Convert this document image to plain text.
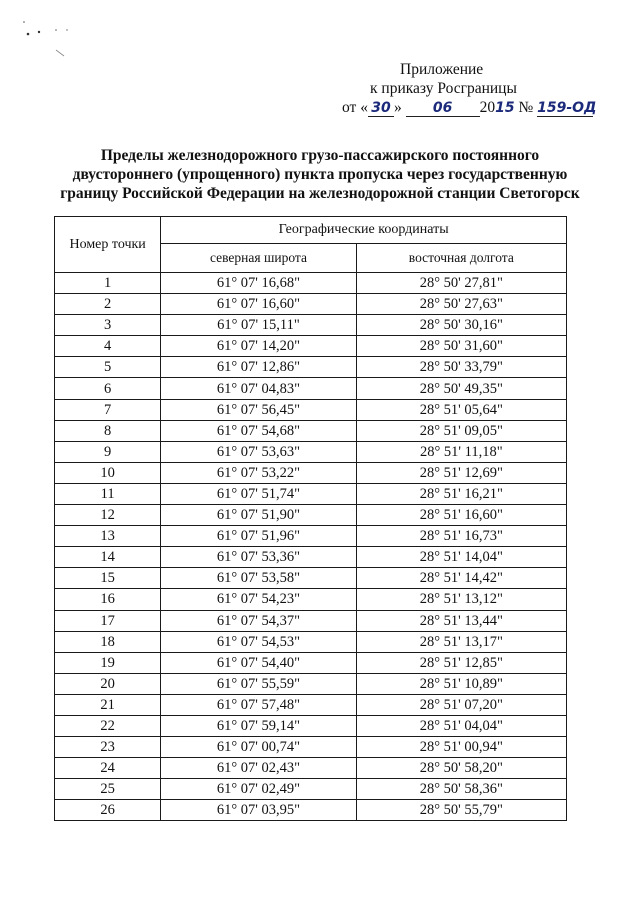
Приложение
к приказу Росграницы
от « 30 » 06 2015 № 159-ОД
Пределы железнодорожного грузо-пассажирского постоянного двустороннего (упрощенного) пункта пропуска через государственную границу Российской Федерации на железнодорожной станции Светогорск
Номер точки	Географические координаты	
	северная широта	восточная долгота
1	61° 07' 16,68"	28° 50' 27,81"
2	61° 07' 16,60"	28° 50' 27,63"
3	61° 07' 15,11"	28° 50' 30,16"
4	61° 07' 14,20"	28° 50' 31,60"
5	61° 07' 12,86"	28° 50' 33,79"
6	61° 07' 04,83"	28° 50' 49,35"
7	61° 07' 56,45"	28° 51' 05,64"
8	61° 07' 54,68"	28° 51' 09,05"
9	61° 07' 53,63"	28° 51' 11,18"
10	61° 07' 53,22"	28° 51' 12,69"
11	61° 07' 51,74"	28° 51' 16,21"
12	61° 07' 51,90"	28° 51' 16,60"
13	61° 07' 51,96"	28° 51' 16,73"
14	61° 07' 53,36"	28° 51' 14,04"
15	61° 07' 53,58"	28° 51' 14,42"
16	61° 07' 54,23"	28° 51' 13,12"
17	61° 07' 54,37"	28° 51' 13,44"
18	61° 07' 54,53"	28° 51' 13,17"
19	61° 07' 54,40"	28° 51' 12,85"
20	61° 07' 55,59"	28° 51' 10,89"
21	61° 07' 57,48"	28° 51' 07,20"
22	61° 07' 59,14"	28° 51' 04,04"
23	61° 07' 00,74"	28° 51' 00,94"
24	61° 07' 02,43"	28° 50' 58,20"
25	61° 07' 02,49"	28° 50' 58,36"
26	61° 07' 03,95"	28° 50' 55,79"
